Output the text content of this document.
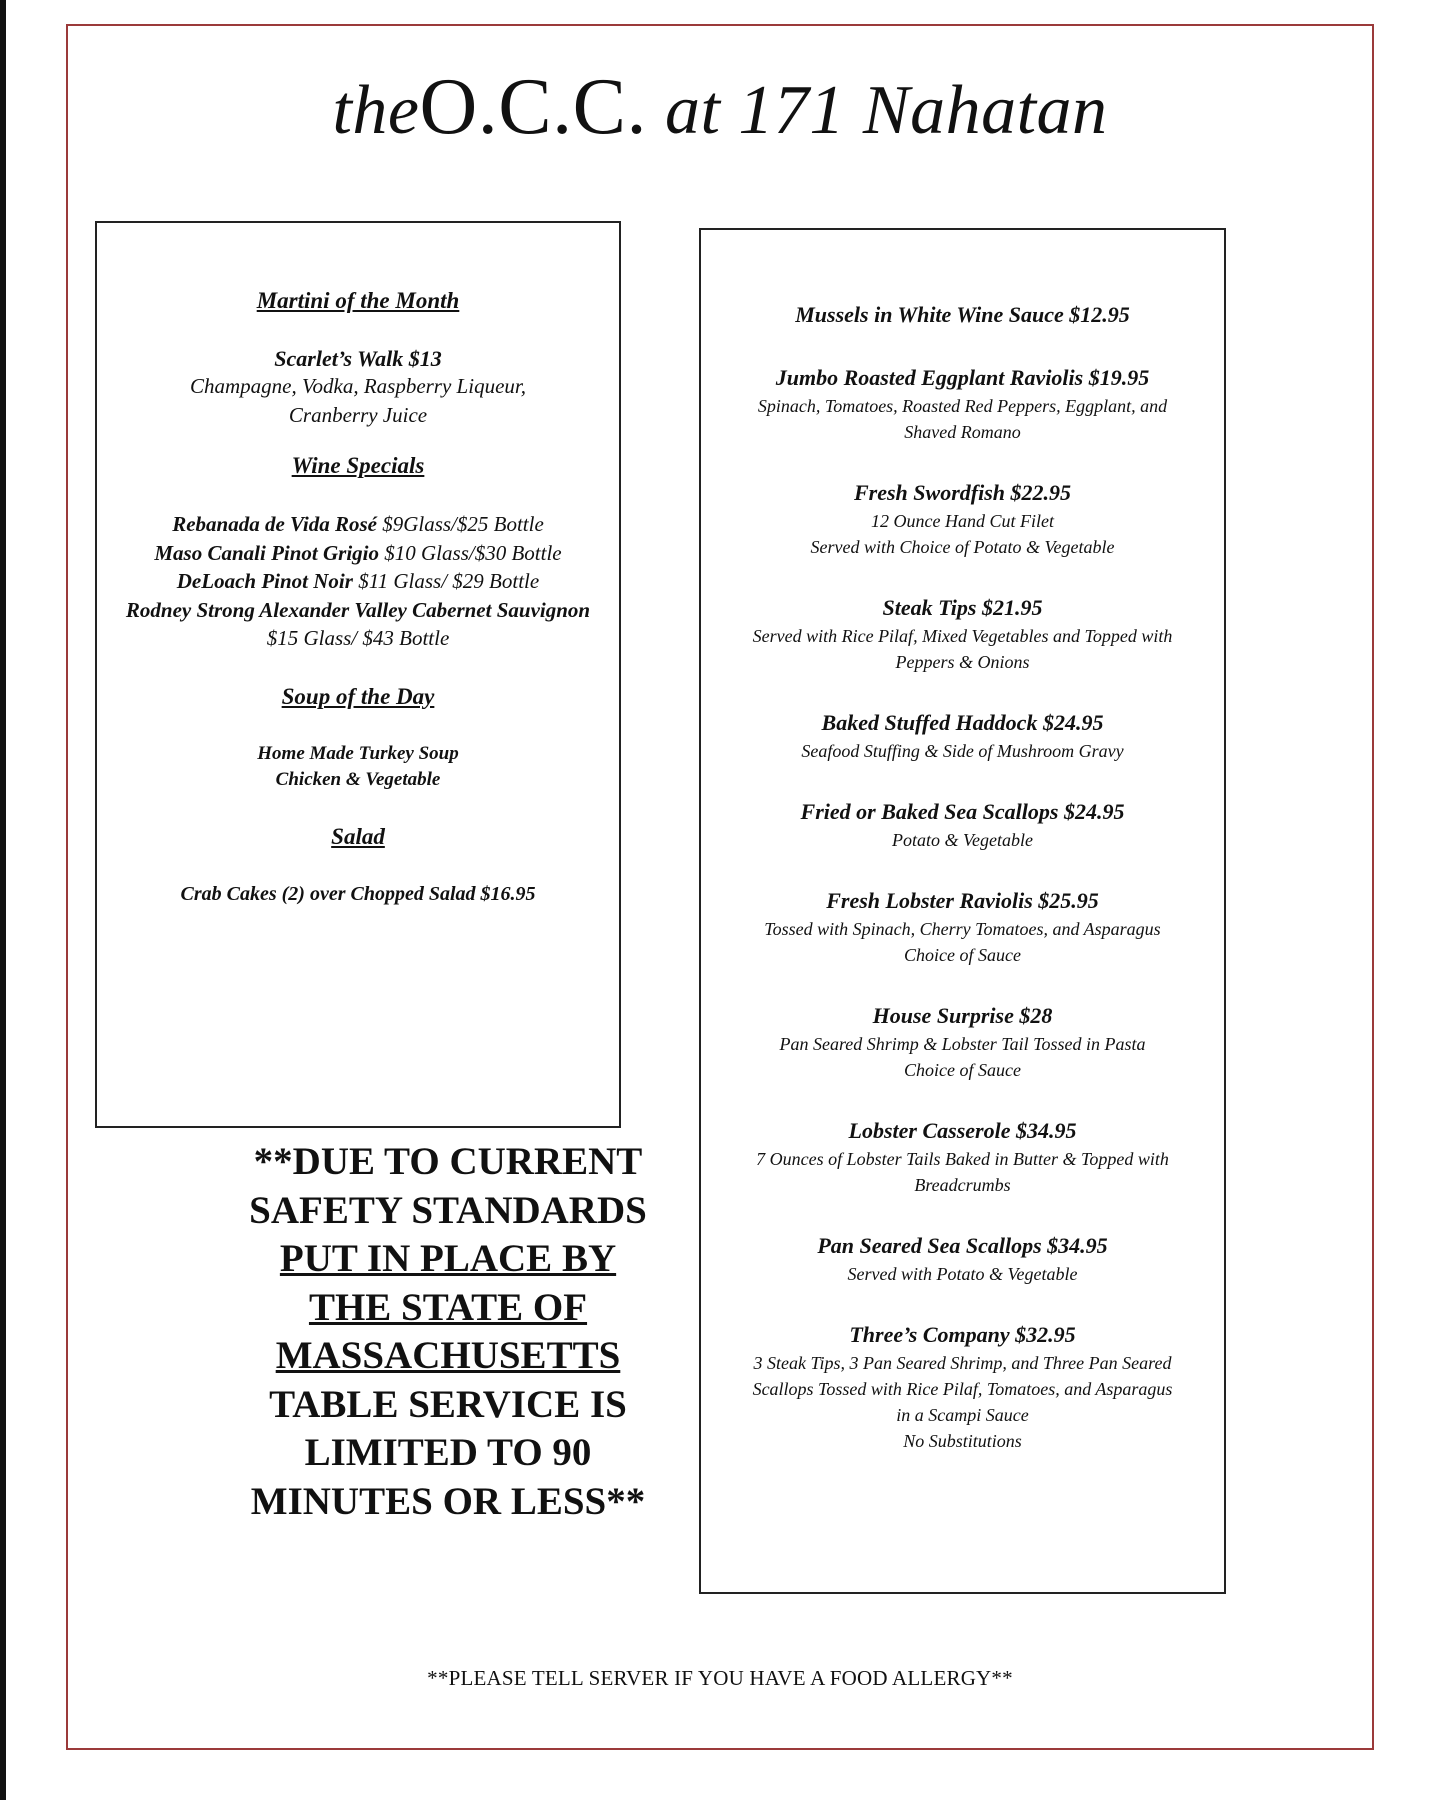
theO.C.C. at 171 Nahatan
Martini of the Month
Scarlet’s Walk $13
Champagne, Vodka, Raspberry Liqueur,
Cranberry Juice
Wine Specials
Rebanada de Vida Rosé $9Glass/$25 Bottle
Maso Canali Pinot Grigio $10 Glass/$30 Bottle
DeLoach Pinot Noir $11 Glass/ $29 Bottle
Rodney Strong Alexander Valley Cabernet Sauvignon
$15 Glass/ $43 Bottle
Soup of the Day
Home Made Turkey Soup
Chicken & Vegetable
Salad
Crab Cakes (2) over Chopped Salad $16.95
Mussels in White Wine Sauce $12.95
Jumbo Roasted Eggplant Raviolis $19.95
Spinach, Tomatoes, Roasted Red Peppers, Eggplant, and
Shaved Romano
Fresh Swordfish $22.95
12 Ounce Hand Cut Filet
Served with Choice of Potato & Vegetable
Steak Tips $21.95
Served with Rice Pilaf, Mixed Vegetables and Topped with
Peppers & Onions
Baked Stuffed Haddock $24.95
Seafood Stuffing & Side of Mushroom Gravy
Fried or Baked Sea Scallops $24.95
Potato & Vegetable
Fresh Lobster Raviolis $25.95
Tossed with Spinach, Cherry Tomatoes, and Asparagus
Choice of Sauce
House Surprise $28
Pan Seared Shrimp & Lobster Tail Tossed in Pasta
Choice of Sauce
Lobster Casserole $34.95
7 Ounces of Lobster Tails Baked in Butter & Topped with
Breadcrumbs
Pan Seared Sea Scallops $34.95
Served with Potato & Vegetable
Three’s Company $32.95
3 Steak Tips, 3 Pan Seared Shrimp, and Three Pan Seared
Scallops Tossed with Rice Pilaf, Tomatoes, and Asparagus
in a Scampi Sauce
No Substitutions
**DUE TO CURRENT
SAFETY STANDARDS
PUT IN PLACE BY
THE STATE OF
MASSACHUSETTS
TABLE SERVICE IS
LIMITED TO 90
MINUTES OR LESS**
**PLEASE TELL SERVER IF YOU HAVE A FOOD ALLERGY**
